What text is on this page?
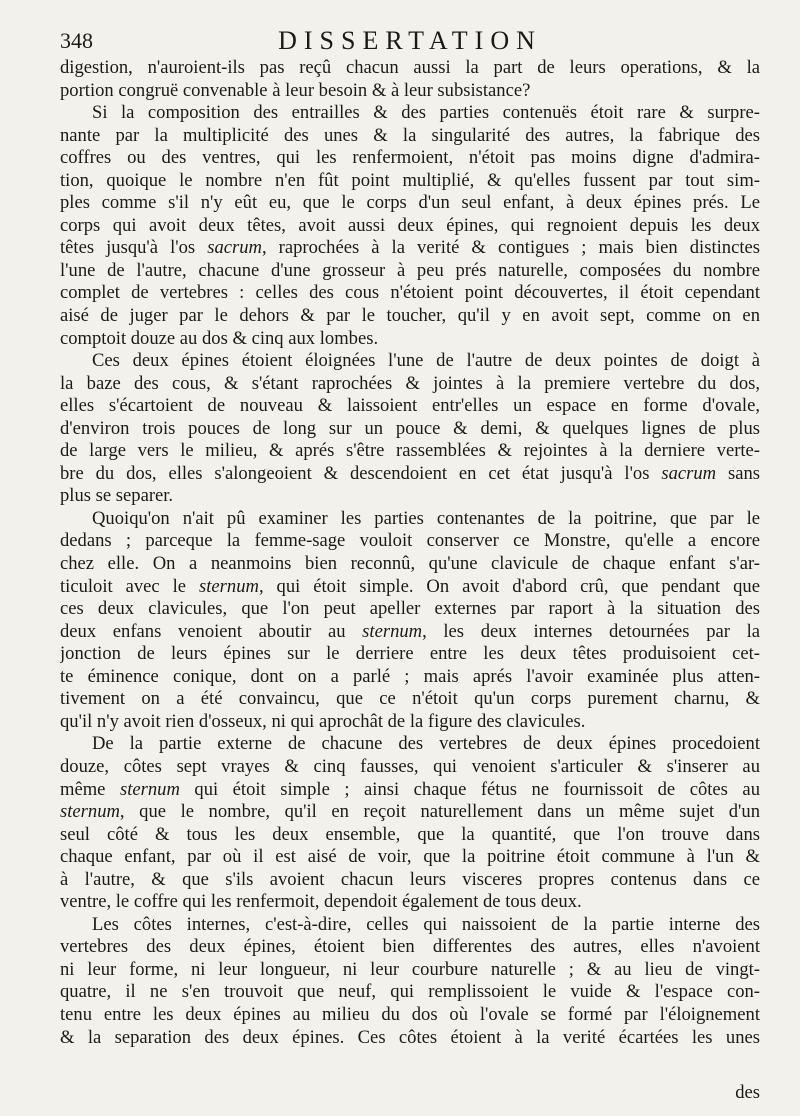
348	DISSERTATION
digestion, n'auroient-ils pas reçû chacun aussi la part de leurs operations, & la
portion congruë convenable à leur besoin & à leur subsistance?
Si la composition des entrailles & des parties contenuës étoit rare & surpre-
nante par la multiplicité des unes & la singularité des autres, la fabrique des
coffres ou des ventres, qui les renfermoient, n'étoit pas moins digne d'admira-
tion, quoique le nombre n'en fût point multiplié, & qu'elles fussent par tout sim-
ples comme s'il n'y eût eu, que le corps d'un seul enfant, à deux épines prés. Le
corps qui avoit deux têtes, avoit aussi deux épines, qui regnoient depuis les deux
têtes jusqu'à l'os sacrum, raprochées à la verité & contigues ; mais bien distinctes
l'une de l'autre, chacune d'une grosseur à peu prés naturelle, composées du nombre
complet de vertebres : celles des cous n'étoient point découvertes, il étoit cependant
aisé de juger par le dehors & par le toucher, qu'il y en avoit sept, comme on en
comptoit douze au dos & cinq aux lombes.
Ces deux épines étoient éloignées l'une de l'autre de deux pointes de doigt à
la baze des cous, & s'étant raprochées & jointes à la premiere vertebre du dos,
elles s'écartoient de nouveau & laissoient entr'elles un espace en forme d'ovale,
d'environ trois pouces de long sur un pouce & demi, & quelques lignes de plus
de large vers le milieu, & aprés s'être rassemblées & rejointes à la derniere verte-
bre du dos, elles s'alongeoient & descendoient en cet état jusqu'à l'os sacrum sans
plus se separer.
Quoiqu'on n'ait pû examiner les parties contenantes de la poitrine, que par le
dedans ; parceque la femme-sage vouloit conserver ce Monstre, qu'elle a encore
chez elle. On a neanmoins bien reconnû, qu'une clavicule de chaque enfant s'ar-
ticuloit avec le sternum, qui étoit simple. On avoit d'abord crû, que pendant que
ces deux clavicules, que l'on peut apeller externes par raport à la situation des
deux enfans venoient aboutir au sternum, les deux internes detournées par la
jonction de leurs épines sur le derriere entre les deux têtes produisoient cet-
te éminence conique, dont on a parlé ; mais aprés l'avoir examinée plus atten-
tivement on a été convaincu, que ce n'étoit qu'un corps purement charnu, &
qu'il n'y avoit rien d'osseux, ni qui aprochât de la figure des clavicules.
De la partie externe de chacune des vertebres de deux épines procedoient
douze, côtes sept vrayes & cinq fausses, qui venoient s'articuler & s'inserer au
même sternum qui étoit simple ; ainsi chaque fétus ne fournissoit de côtes au
sternum, que le nombre, qu'il en reçoit naturellement dans un même sujet d'un
seul côté & tous les deux ensemble, que la quantité, que l'on trouve dans
chaque enfant, par où il est aisé de voir, que la poitrine étoit commune à l'un &
à l'autre, & que s'ils avoient chacun leurs visceres propres contenus dans ce
ventre, le coffre qui les renfermoit, dependoit également de tous deux.
Les côtes internes, c'est-à-dire, celles qui naissoient de la partie interne des
vertebres des deux épines, étoient bien differentes des autres, elles n'avoient
ni leur forme, ni leur longueur, ni leur courbure naturelle ; & au lieu de vingt-
quatre, il ne s'en trouvoit que neuf, qui remplissoient le vuide & l'espace con-
tenu entre les deux épines au milieu du dos où l'ovale se formé par l'éloignement
& la separation des deux épines. Ces côtes étoient à la verité écartées les unes
des
